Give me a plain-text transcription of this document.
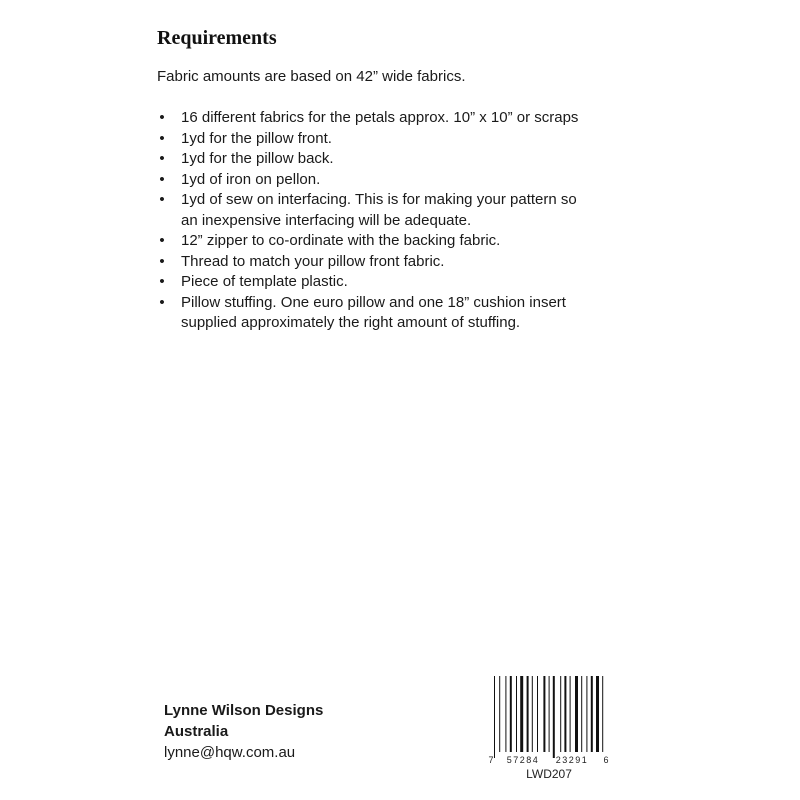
Requirements

Fabric amounts are based on 42” wide fabrics.

• 16 different fabrics for the petals approx. 10” x 10” or scraps
• 1yd for the pillow front.
• 1yd for the pillow back.
• 1yd of iron on pellon.
• 1yd of sew on interfacing. This is for making your pattern so
an inexpensive interfacing will be adequate.
• 12” zipper to co-ordinate with the backing fabric.
• Thread to match your pillow front fabric.
• Piece of template plastic.
• Pillow stuffing. One euro pillow and one 18” cushion insert
supplied approximately the right amount of stuffing.
Lynne Wilson Designs
Australia
lynne@hqw.com.au	7 57284 23291 6
LWD207
